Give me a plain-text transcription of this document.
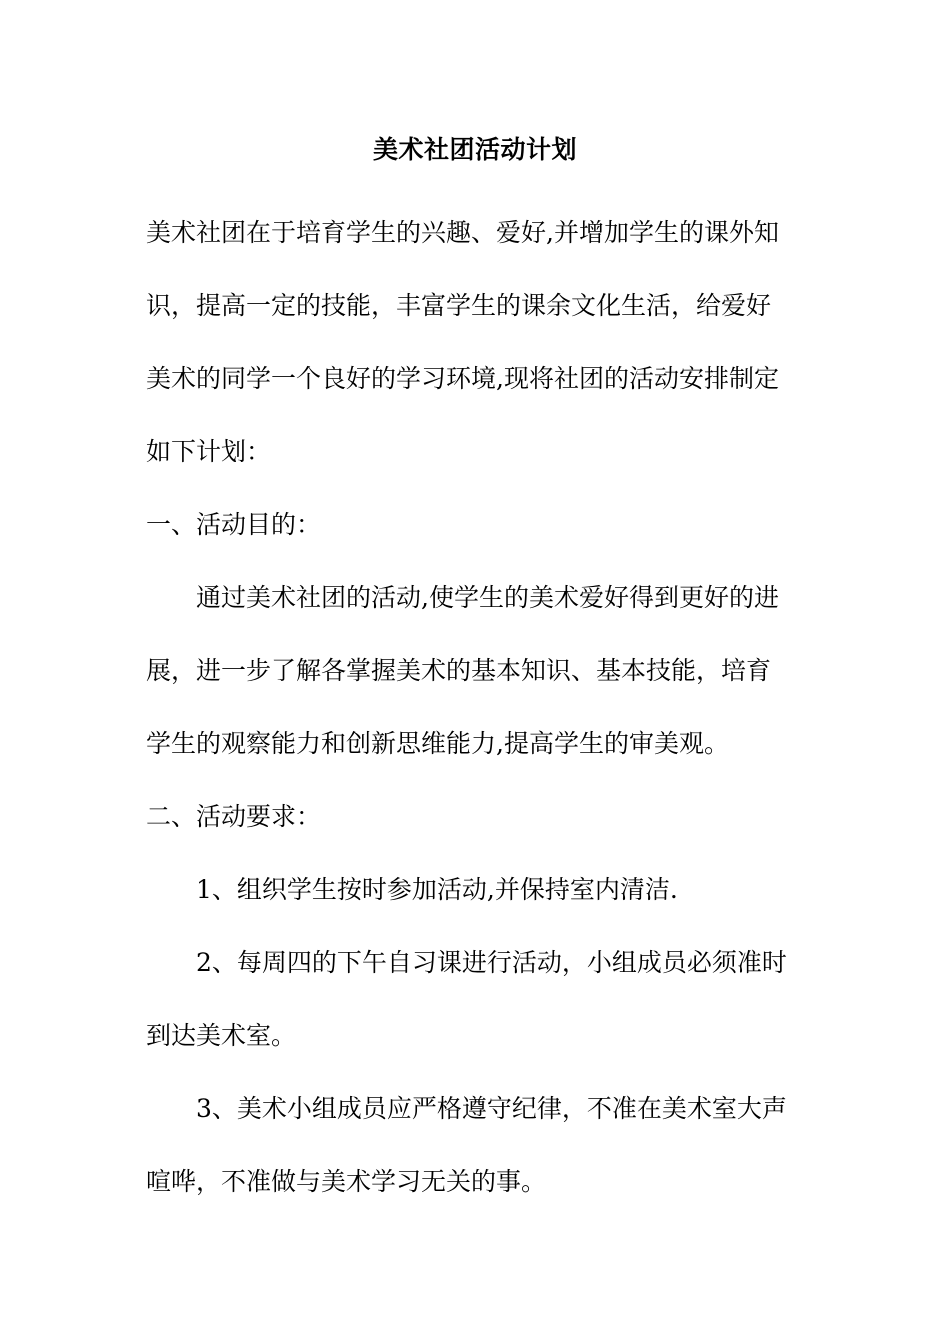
美术社团活动计划

美术社团在于培育学生的兴趣、爱好,并增加学生的课外知

识，提高一定的技能，丰富学生的课余文化生活，给爱好

美术的同学一个良好的学习环境,现将社团的活动安排制定

如下计划：

一、活动目的：

通过美术社团的活动,使学生的美术爱好得到更好的进

展，进一步了解各掌握美术的基本知识、基本技能，培育

学生的观察能力和创新思维能力,提高学生的审美观。

二、活动要求：

1、组织学生按时参加活动,并保持室内清洁.

2、每周四的下午自习课进行活动，小组成员必须准时

到达美术室。

3、美术小组成员应严格遵守纪律，不准在美术室大声

喧哗，不准做与美术学习无关的事。
